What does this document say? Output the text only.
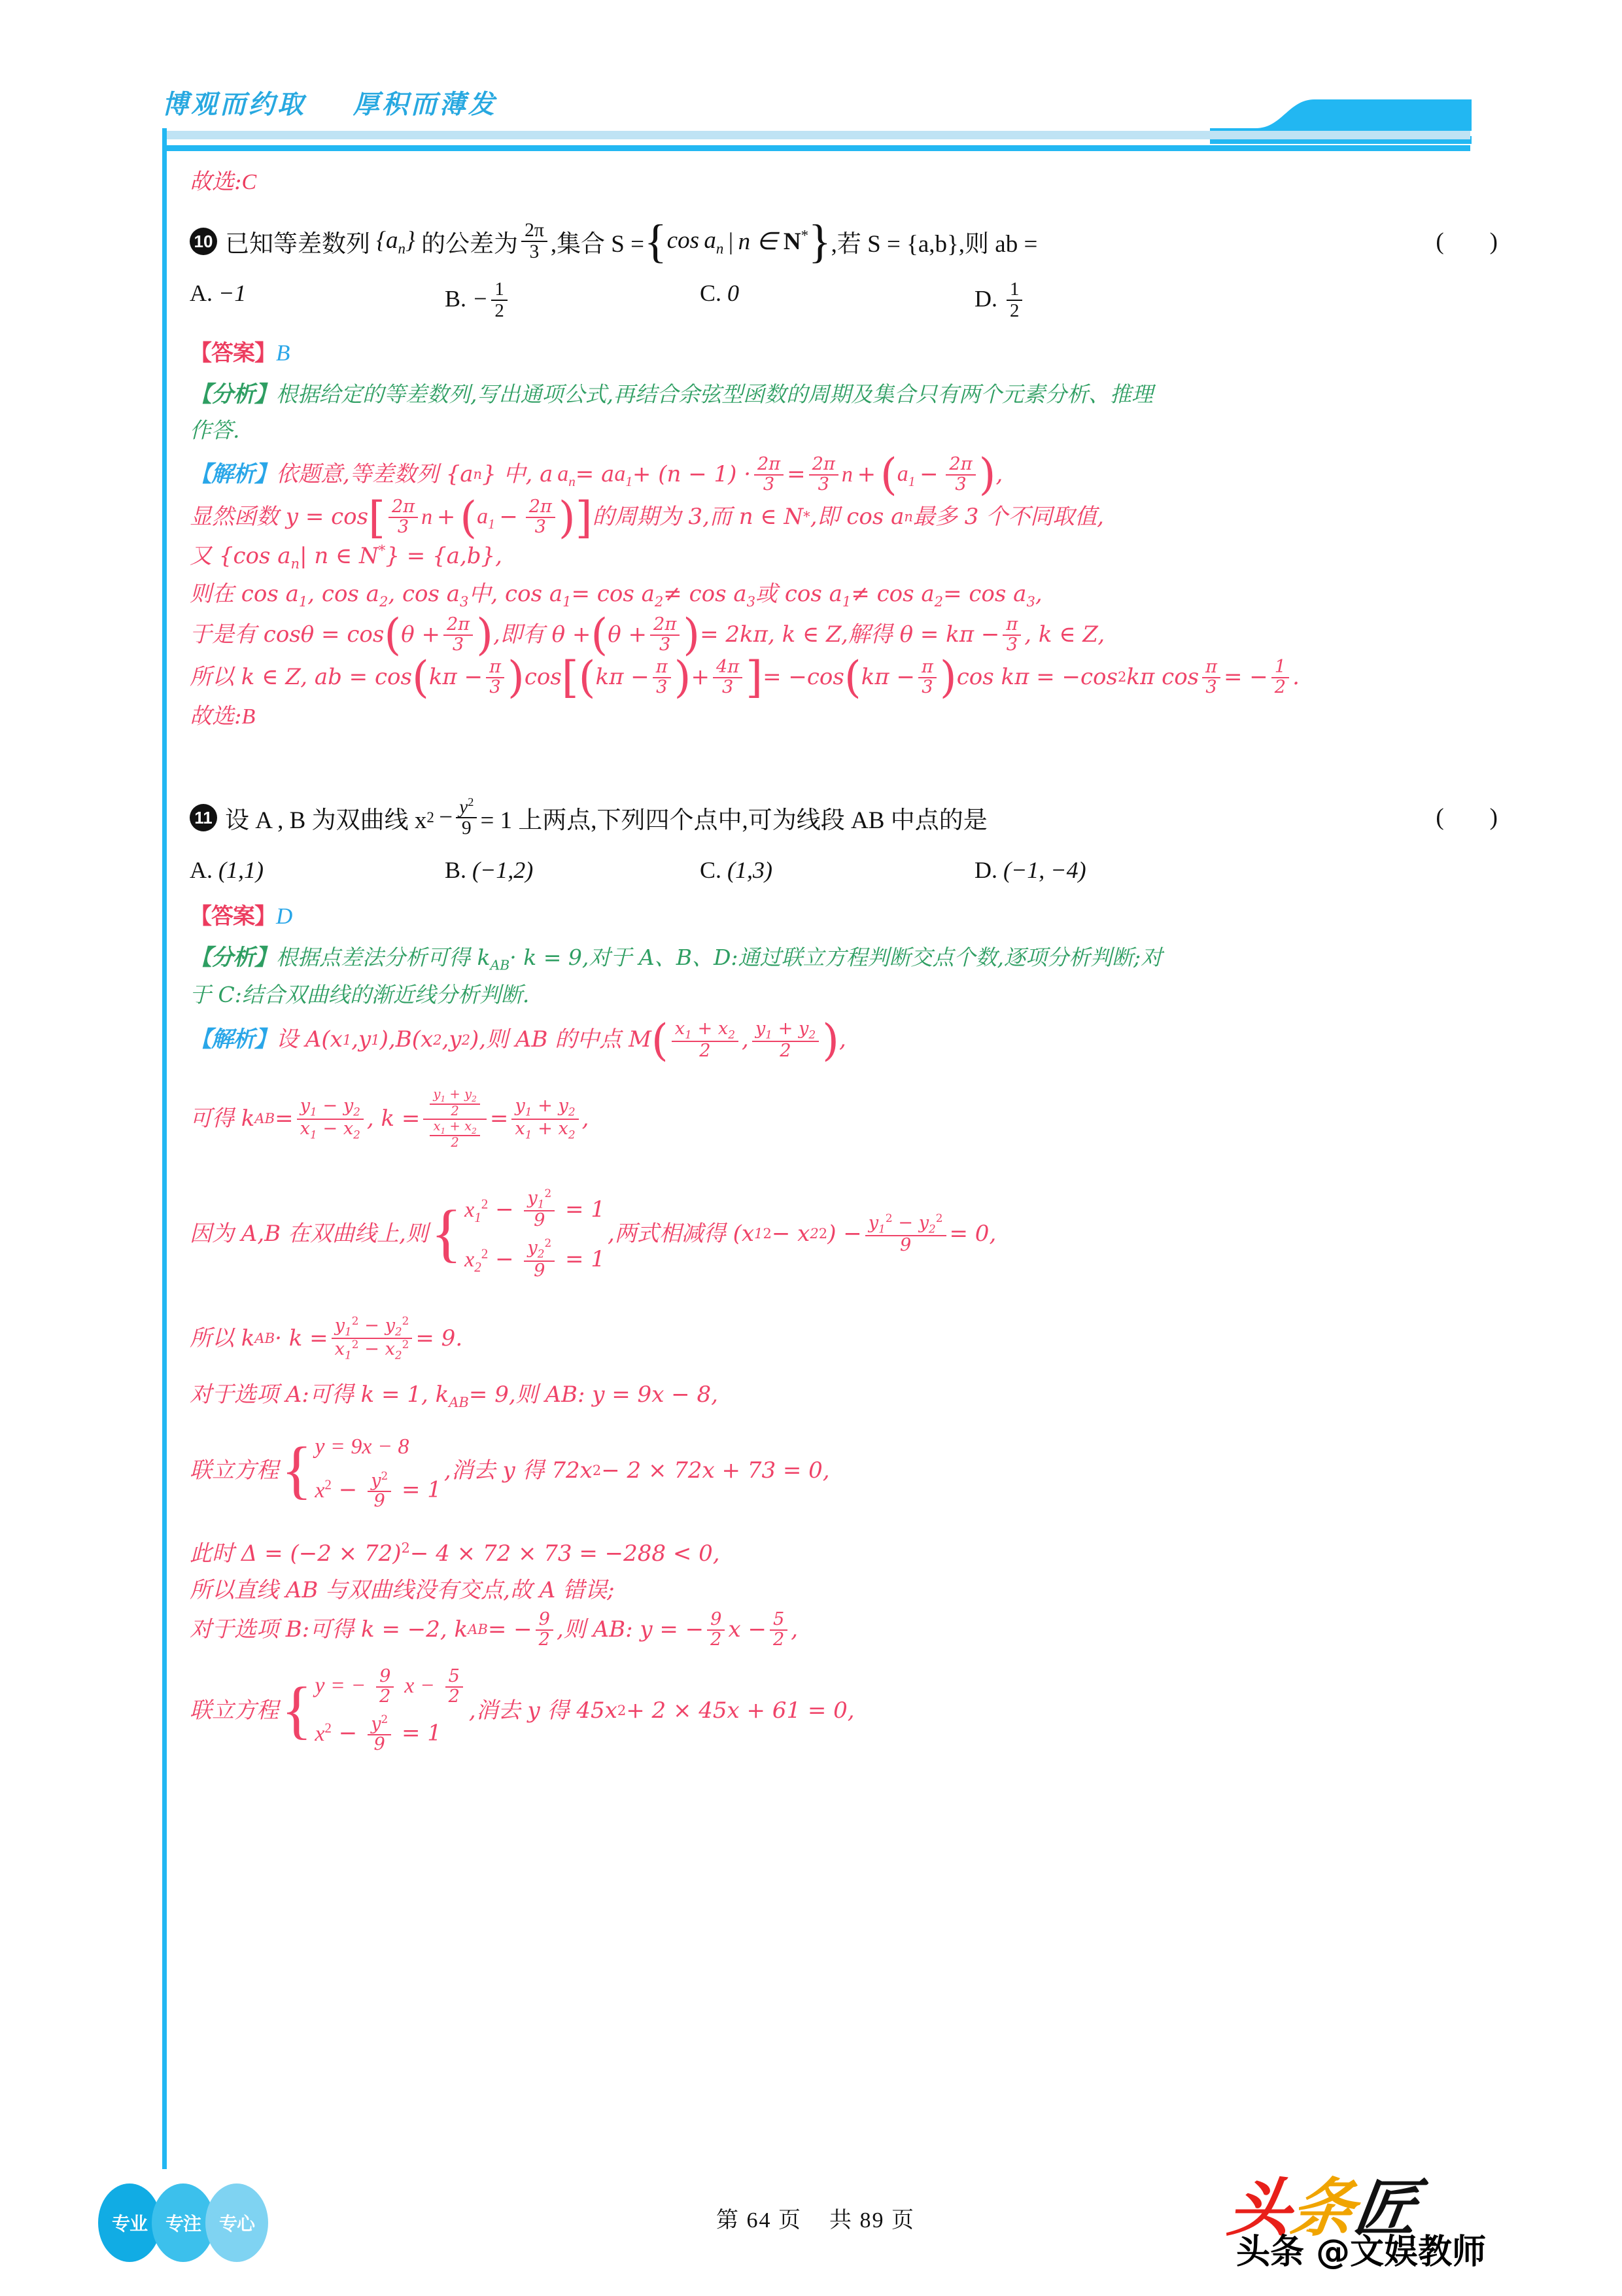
博观而约取    厚积而薄发
故选:C
10 已知等差数列 $\{a_n\}$ 的公差为 $\frac{2\pi}{3}$ ,集合 S = { $\cos a_n$  |  n ∈ N* } ,若 S = {a,b},则 ab =	( )
A. −1	B. − $\frac{1}{2}$	C. 0	D. $\frac{1}{2}$
【答案】B
【分析】根据给定的等差数列,写出通项公式,再结合余弦型函数的周期及集合只有两个元素分析、推理
作答.
【解析】 依题意,等差数列 {a n } 中, a
  $a_n = a$ $a_1 + (n - 1) \cdot \frac{2\pi}{3} = \frac{2\pi}{3}$ n  +  ( $a_1 - \frac{2\pi}{3}$ ) ,
显然函数 y = cos [ $\frac{2\pi}{3}$ n  +  ( $a_1 - \frac{2\pi}{3}$ ) ] 的周期为 3,而 n ∈ N * ,即 cos a n 最多 3 个不同取值,
又 {cos $a_n|$ n ∈ N*} = {a,b},
则在 $\cos a_1$, $\cos a_2$, $\cos a_3$中, $\cos a_1= \cos a_2\ne \cos a_3$或 $\cos a_1\ne \cos a_2= \cos a_3$,
于是有 cosθ = cos ( $\theta + \frac{2\pi}{3}$ ) ,即有 θ + ( $\theta + \frac{2\pi}{3}$ ) = 2kπ, k ∈ Z,解得 $\theta = k\pi - \frac{\pi}{3}$ , k ∈ Z,
所以 k ∈ Z, ab = cos ( $k\pi - \frac{\pi}{3}$ ) cos [ ( $k\pi - \frac{\pi}{3}$ ) + $\frac{4\pi}{3}$ ] = −cos ( $k\pi - \frac{\pi}{3}$ ) cos kπ = −cos 2 kπ $\cos \frac{\pi}{3}$ = − $\frac{1}{2}$ .
故选:B
11 设 A , B 为双曲线 x 2
  − $\frac{y^2}{9} = 1$ 上两点,下列四个点中,可为线段 AB 中点的是	( )
A. (1,1)	B. (−1,2)	C. (1,3)	D. (−1, −4)
【答案】D
【分析】根据点差法分析可得 $k_{AB}\cdot k = 9$,对于 A、B、D:通过联立方程判断交点个数,逐项分析判断;对
于 C:结合双曲线的渐近线分析判断.
【解析】 设 A(x 1 ,y 1 ),B(x 2 ,y 2 ),则 AB 的中点 M ( $\frac{x_1 + x_2}{2}$ , $\frac{y_1 + y_2}{2}$ ) ,
可得 k AB = $\frac{y_1 - y_2}{x_1 - x_2}$ , $k = \frac{\frac{y_1 + y_2}{2}}{\frac{x_1 + x_2}{2}} = \frac{y_1 + y_2}{x_1 + x_2}$ ,
因为 A,B 在双曲线上,则 { $x_1^2 - \frac{y_1^2}{9} = 1$
$x_2^2 - \frac{y_2^2}{9} = 1$
,两式相减得 (x 1 2 − x 2 2 ) − $\frac{y_1^2 - y_2^2}{9} = 0$,
所以 k AB · $k = \frac{y_1^2 - y_2^2}{x_1^2 - x_2^2} = 9$.
对于选项 A:可得 k = 1, $k_{AB}= 9$,则 AB: y = 9x − 8,
联立方程 { y = 9x − 8
$x^2 - \frac{y^2}{9} = 1$
,消去 y 得 72x 2 − 2 × 72x + 73 = 0,
此时 $\Delta = (-2 \times 72)^2- 4 \times 72 \times 73 = -288 < 0$,
所以直线 AB 与双曲线没有交点,故 A 错误;
对于选项 B:可得 k = −2, k AB = − $\frac{9}{2}$ ,则 AB: y = − $\frac{9}{2}$ $x - \frac{5}{2}$ ,
联立方程 { y = − $\frac{9}{2}$ $x - \frac{5}{2}$
$x^2 - \frac{y^2}{9} = 1$
,消去 y 得 45x 2 + 2 × 45x + 61 = 0,
专业 专注 专心	第 64 页    共 89 页	头条匠
头条 @文娱教师
